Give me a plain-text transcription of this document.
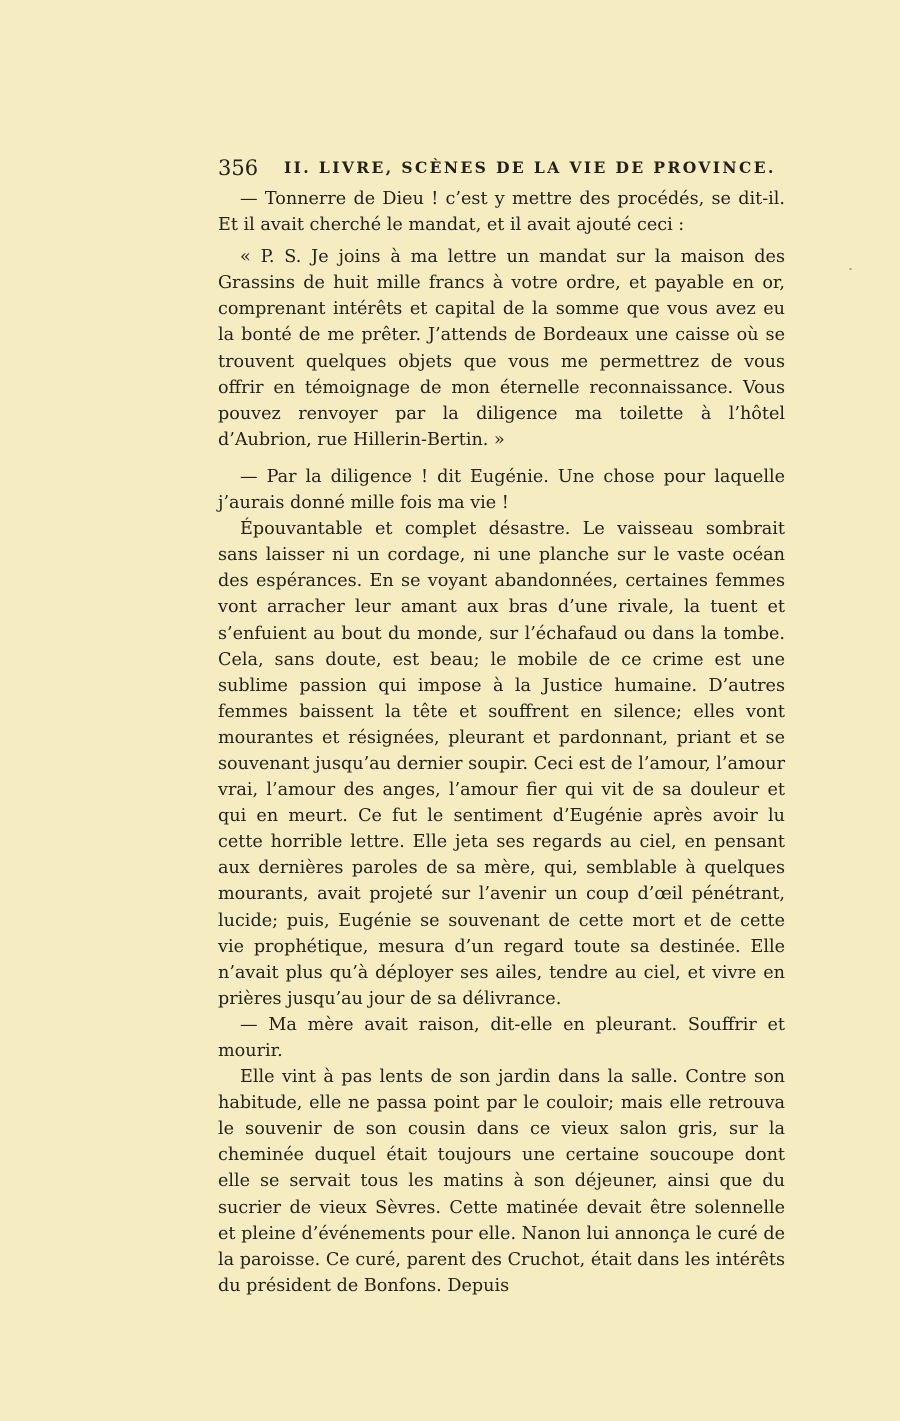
356 II. LIVRE, SCÈNES DE LA VIE DE PROVINCE.

— Tonnerre de Dieu ! c’est y mettre des procédés, se dit-il. Et il avait cherché le mandat, et il avait ajouté ceci :

« P. S. Je joins à ma lettre un mandat sur la maison des Grassins de huit mille francs à votre ordre, et payable en or, comprenant intérêts et capital de la somme que vous avez eu la bonté de me prêter. J’attends de Bordeaux une caisse où se trouvent quelques objets que vous me permettrez de vous offrir en témoignage de mon éternelle reconnaissance. Vous pouvez renvoyer par la diligence ma toilette à l’hôtel d’Aubrion, rue Hillerin-Bertin. »

— Par la diligence ! dit Eugénie. Une chose pour laquelle j’aurais donné mille fois ma vie !

Épouvantable et complet désastre. Le vaisseau sombrait sans laisser ni un cordage, ni une planche sur le vaste océan des espérances. En se voyant abandonnées, certaines femmes vont arracher leur amant aux bras d’une rivale, la tuent et s’enfuient au bout du monde, sur l’échafaud ou dans la tombe. Cela, sans doute, est beau; le mobile de ce crime est une sublime passion qui impose à la Justice humaine. D’autres femmes baissent la tête et souffrent en silence; elles vont mourantes et résignées, pleurant et pardonnant, priant et se souvenant jusqu’au dernier soupir. Ceci est de l’amour, l’amour vrai, l’amour des anges, l’amour fier qui vit de sa douleur et qui en meurt. Ce fut le sentiment d’Eugénie après avoir lu cette horrible lettre. Elle jeta ses regards au ciel, en pensant aux dernières paroles de sa mère, qui, semblable à quelques mourants, avait projeté sur l’avenir un coup d’œil pénétrant, lucide; puis, Eugénie se souvenant de cette mort et de cette vie prophétique, mesura d’un regard toute sa destinée. Elle n’avait plus qu’à déployer ses ailes, tendre au ciel, et vivre en prières jusqu’au jour de sa délivrance.

— Ma mère avait raison, dit-elle en pleurant. Souffrir et mourir.

Elle vint à pas lents de son jardin dans la salle. Contre son habitude, elle ne passa point par le couloir; mais elle retrouva le souvenir de son cousin dans ce vieux salon gris, sur la cheminée duquel était toujours une certaine soucoupe dont elle se servait tous les matins à son déjeuner, ainsi que du sucrier de vieux Sèvres. Cette matinée devait être solennelle et pleine d’événements pour elle. Nanon lui annonça le curé de la paroisse. Ce curé, parent des Cruchot, était dans les intérêts du président de Bonfons. Depuis
